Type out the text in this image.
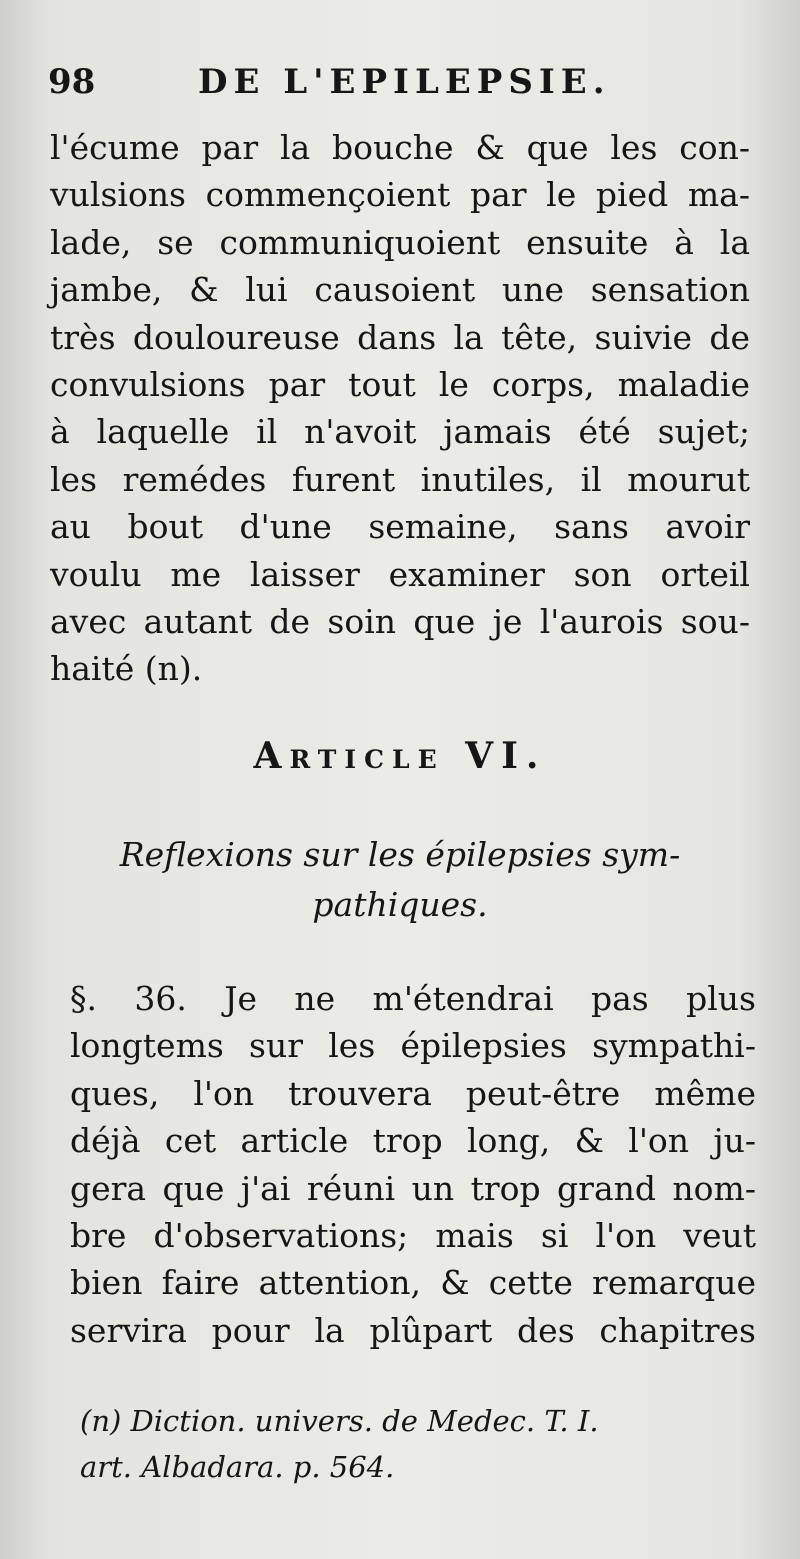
98	DE L'EPILEPSIE.

l'écume par la bouche & que les con-
vulsions commençoient par le pied ma-
lade, se communiquoient ensuite à la
jambe, & lui causoient une sensation
très douloureuse dans la tête, suivie de
convulsions par tout le corps, maladie
à laquelle il n'avoit jamais été sujet;
les remédes furent inutiles, il mourut
au bout d'une semaine, sans avoir
voulu me laisser examiner son orteil
avec autant de soin que je l'aurois sou-
haité (n).

Article VI.
Reflexions sur les épilepsies sym-
pathiques.

§. 36. Je ne m'étendrai pas plus
longtems sur les épilepsies sympathi-
ques, l'on trouvera peut-être même
déjà cet article trop long, & l'on ju-
gera que j'ai réuni un trop grand nom-
bre d'observations; mais si l'on veut
bien faire attention, & cette remarque
servira pour la plûpart des chapitres

(n) Diction. univers. de Medec. T. I.
art. Albadara. p. 564.
